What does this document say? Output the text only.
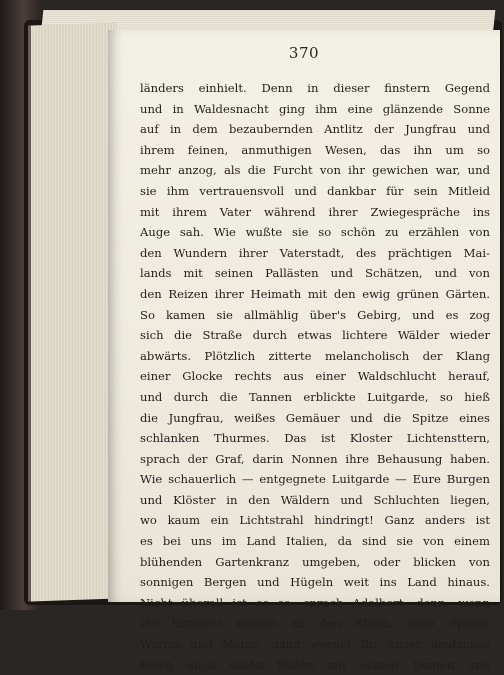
370
länders einhielt. Denn in dieser finstern Gegend
und in Waldesnacht ging ihm eine glänzende Sonne
auf in dem bezaubernden Antlitz der Jungfrau und
ihrem feinen, anmuthigen Wesen, das ihn um so
mehr anzog, als die Furcht von ihr gewichen war, und
sie ihm vertrauensvoll und dankbar für sein Mitleid
mit ihrem Vater während ihrer Zwiegespräche ins
Auge sah. Wie wußte sie so schön zu erzählen von
den Wundern ihrer Vaterstadt, des prächtigen Mai-
lands mit seinen Pallästen und Schätzen, und von
den Reizen ihrer Heimath mit den ewig grünen Gärten.
So kamen sie allmählig über's Gebirg, und es zog
sich die Straße durch etwas lichtere Wälder wieder
abwärts. Plötzlich zitterte melancholisch der Klang
einer Glocke rechts aus einer Waldschlucht herauf,
und durch die Tannen erblickte Luitgarde, so hieß
die Jungfrau, weißes Gemäuer und die Spitze eines
schlanken Thurmes. Das ist Kloster Lichtensttern,
sprach der Graf, darin Nonnen ihre Behausung haben.
Wie schauerlich — entgegnete Luitgarde — Eure Burgen
und Klöster in den Wäldern und Schluchten liegen,
wo kaum ein Lichtstrahl hindringt! Ganz anders ist
es bei uns im Land Italien, da sind sie von einem
blühenden Gartenkranz umgeben, oder blicken von
sonnigen Bergen und Hügeln weit ins Land hinaus.
Nicht überall ist es so, sprach Adalbert, denn, wenn
Ihr hinunter kommt an den Rhein, nach Speier,
Worms und Mainz, dann werdet Ihr unser deutsches
Reich auch schön finden mit seinen Domen und
